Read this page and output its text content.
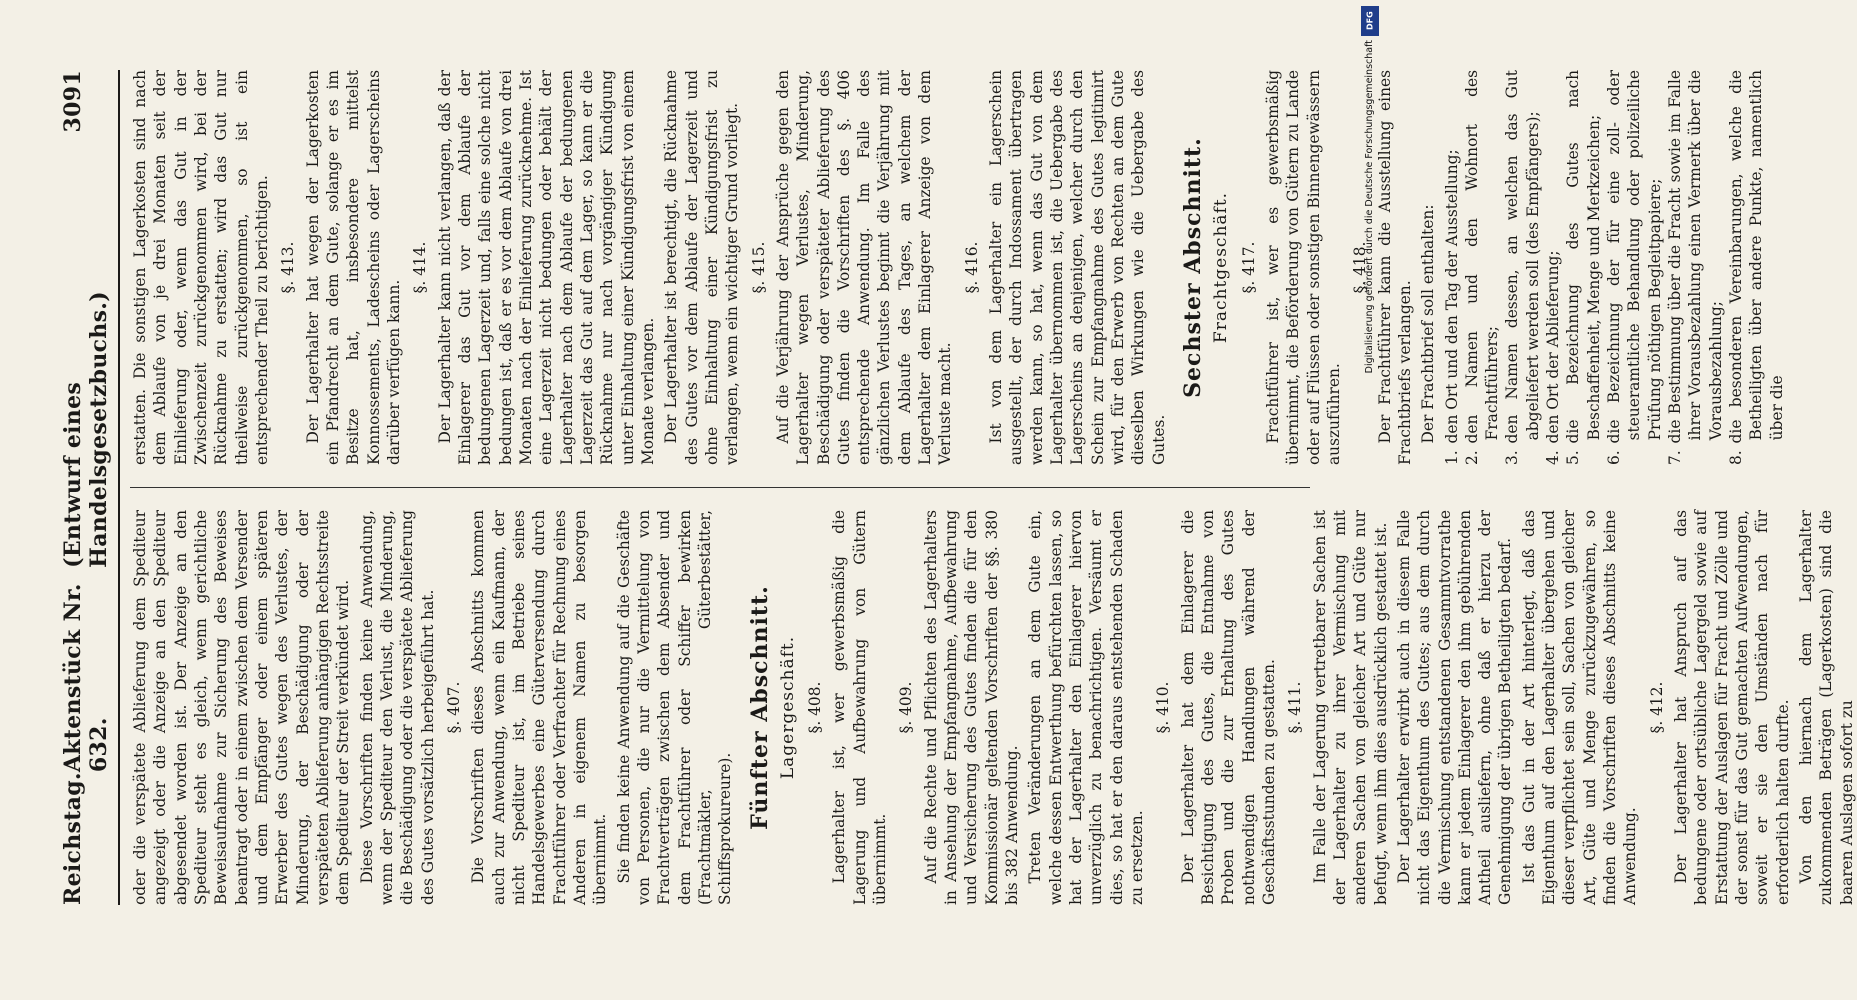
DFG
Digitalisierung gefördert durch die Deutsche Forschungsgemeinschaft
Reichstag.
Aktenstück Nr. 632.
(Entwurf eines Handelsgesetzbuchs.)
3091

oder die verspätete Ablieferung dem Spediteur angezeigt oder die Anzeige an den Spediteur abgesendet worden ist. Der Anzeige an den Spediteur steht es gleich, wenn gerichtliche Beweisaufnahme zur Sicherung des Beweises beantragt oder in einem zwischen dem Versender und dem Empfänger oder einem späteren Erwerber des Gutes wegen des Verlustes, der Minderung, der Beschädigung oder der verspäteten Ablieferung anhängigen Rechtsstreite dem Spediteur der Streit verkündet wird. Diese Vorschriften finden keine Anwendung, wenn der Spediteur den Verlust, die Minderung, die Beschädigung oder die verspätete Ablieferung des Gutes vorsätzlich herbeigeführt hat. §. 407. Die Vorschriften dieses Abschnitts kommen auch zur Anwendung, wenn ein Kaufmann, der nicht Spediteur ist, im Betriebe seines Handelsgewerbes eine Güterversendung durch Frachtführer oder Verfrachter für Rechnung eines Anderen in eigenem Namen zu besorgen übernimmt. Sie finden keine Anwendung auf die Geschäfte von Personen, die nur die Vermittelung von Frachtverträgen zwischen dem Absender und dem Frachtführer oder Schiffer bewirken (Frachtmäkler, Güterbestätter, Schiffsprokureure). Fünfter Abschnitt. Lagergeschäft. §. 408. Lagerhalter ist, wer gewerbsmäßig die Lagerung und Aufbewahrung von Gütern übernimmt.

§. 409. Auf die Rechte und Pflichten des Lagerhalters in Ansehung der Empfangnahme, Aufbewahrung und Versicherung des Gutes finden die für den Kommissionär geltenden Vorschriften der §§. 380 bis 382 Anwendung. Treten Veränderungen an dem Gute ein, welche dessen Entwerthung befürchten lassen, so hat der Lagerhalter den Einlagerer hiervon unverzüglich zu benachrichtigen. Versäumt er dies, so hat er den daraus entstehenden Schaden zu ersetzen.

§. 410. Der Lagerhalter hat dem Einlagerer die Besichtigung des Gutes, die Entnahme von Proben und die zur Erhaltung des Gutes nothwendigen Handlungen während der Geschäftsstunden zu gestatten. §. 411. Im Falle der Lagerung vertretbarer Sachen ist der Lagerhalter zu ihrer Vermischung mit anderen Sachen von gleicher Art und Güte nur befugt, wenn ihm dies ausdrücklich gestattet ist. Der Lagerhalter erwirbt auch in diesem Falle nicht das Eigenthum des Gutes; aus dem durch die Vermischung entstandenen Gesammtvorrathe kann er jedem Einlagerer den ihm gebührenden Antheil ausliefern, ohne daß er hierzu der Genehmigung der übrigen Betheiligten bedarf. Ist das Gut in der Art hinterlegt, daß das Eigenthum auf den Lagerhalter übergehen und dieser verpflichtet sein soll, Sachen von gleicher Art, Güte und Menge zurückzugewähren, so finden die Vorschriften dieses Abschnitts keine Anwendung.

§. 412. Der Lagerhalter hat Anspruch auf das bedungene oder ortsübliche Lagergeld sowie auf Erstattung der Auslagen für Fracht und Zölle und der sonst für das Gut gemachten Aufwendungen, soweit er sie den Umständen nach für erforderlich halten durfte. Von den hiernach dem Lagerhalter zukommenden Beträgen (Lagerkosten) sind die baaren Auslagen sofort zu

erstatten. Die sonstigen Lagerkosten sind nach dem Ablaufe von je drei Monaten seit der Einlieferung oder, wenn das Gut in der Zwischenzeit zurückgenommen wird, bei der Rücknahme zu erstatten; wird das Gut nur theilweise zurückgenommen, so ist ein entsprechender Theil zu berichtigen. §. 413. Der Lagerhalter hat wegen der Lagerkosten ein Pfandrecht an dem Gute, solange er es im Besitze hat, insbesondere mittelst Konnossements, Ladescheins oder Lagerscheins darüber verfügen kann.

§. 414. Der Lagerhalter kann nicht verlangen, daß der Einlagerer das Gut vor dem Ablaufe der bedungenen Lagerzeit und, falls eine solche nicht bedungen ist, daß er es vor dem Ablaufe von drei Monaten nach der Einlieferung zurücknehme. Ist eine Lagerzeit nicht bedungen oder behält der Lagerhalter nach dem Ablaufe der bedungenen Lagerzeit das Gut auf dem Lager, so kann er die Rücknahme nur nach vorgängiger Kündigung unter Einhaltung einer Kündigungsfrist von einem Monate verlangen. Der Lagerhalter ist berechtigt, die Rücknahme des Gutes vor dem Ablaufe der Lagerzeit und ohne Einhaltung einer Kündigungsfrist zu verlangen, wenn ein wichtiger Grund vorliegt. §. 415. Auf die Verjährung der Ansprüche gegen den Lagerhalter wegen Verlustes, Minderung, Beschädigung oder verspäteter Ablieferung des Gutes finden die Vorschriften des §. 406 entsprechende Anwendung. Im Falle des gänzlichen Verlustes beginnt die Verjährung mit dem Ablaufe des Tages, an welchem der Lagerhalter dem Einlagerer Anzeige von dem Verluste macht.

§. 416. Ist von dem Lagerhalter ein Lagerschein ausgestellt, der durch Indossament übertragen werden kann, so hat, wenn das Gut von dem Lagerhalter übernommen ist, die Uebergabe des Lagerscheins an denjenigen, welcher durch den Schein zur Empfangnahme des Gutes legitimirt wird, für den Erwerb von Rechten an dem Gute dieselben Wirkungen wie die Uebergabe des Gutes.

Sechster Abschnitt. Frachtgeschäft. §. 417. Frachtführer ist, wer es gewerbsmäßig übernimmt, die Beförderung von Gütern zu Lande oder auf Flüssen oder sonstigen Binnengewässern auszuführen.

§. 418. Der Frachtführer kann die Ausstellung eines Frachtbriefs verlangen. Der Frachtbrief soll enthalten:

1.den Ort und den Tag der Ausstellung;

2.den Namen und den Wohnort des Frachtführers;

3.den Namen dessen, an welchen das Gut abgeliefert werden soll (des Empfängers);

4.den Ort der Ablieferung;

5.die Bezeichnung des Gutes nach Beschaffenheit, Menge und Merkzeichen;

6.die Bezeichnung der für eine zoll- oder steueramtliche Behandlung oder polizeiliche Prüfung nöthigen Begleitpapiere;

7.die Bestimmung über die Fracht sowie im Falle ihrer Vorausbezahlung einen Vermerk über die Vorausbezahlung;

8.die besonderen Vereinbarungen, welche die Betheiligten über andere Punkte, namentlich über die
